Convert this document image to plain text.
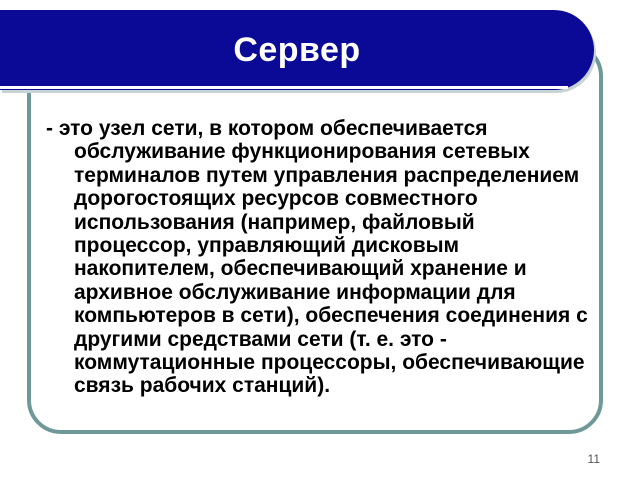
Сервер
- это узел сети, в котором обеспечивается обслуживание функционирования сетевых терминалов путем управления распределением дорогостоящих ресурсов совместного использования (например, файловый процессор, управляющий дисковым накопителем, обеспечивающий хранение и архивное обслуживание информации для компьютеров в сети), обеспечения соединения с другими средствами сети (т. е. это - коммутационные процессоры, обеспечивающие связь рабочих станций).
11
